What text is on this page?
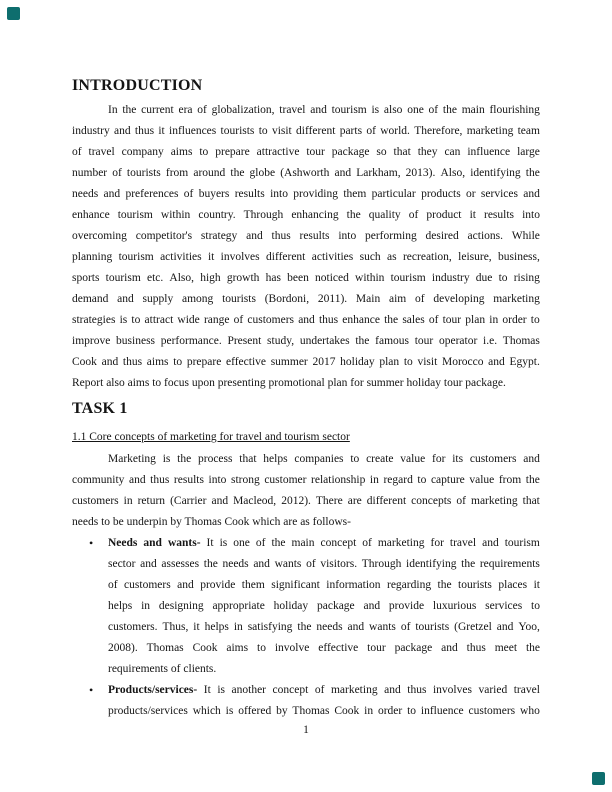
INTRODUCTION
In the current era of globalization, travel and tourism is also one of the main flourishing
industry and thus it influences tourists to visit different parts of world. Therefore, marketing team
of travel company aims to prepare attractive tour package so that they can influence large
number of tourists from around the globe (Ashworth and Larkham, 2013). Also, identifying the
needs and preferences of buyers results into providing them particular products or services and
enhance tourism within country. Through enhancing the quality of product it results into
overcoming competitor's strategy and thus results into performing desired actions. While
planning tourism activities it involves different activities such as recreation, leisure, business,
sports tourism etc. Also, high growth has been noticed within tourism industry due to rising
demand and supply among tourists (Bordoni, 2011). Main aim of developing marketing
strategies is to attract wide range of customers and thus enhance the sales of tour plan in order to
improve business performance. Present study, undertakes the famous tour operator i.e. Thomas
Cook and thus aims to prepare effective summer 2017 holiday plan to visit Morocco and Egypt.
Report also aims to focus upon presenting promotional plan for summer holiday tour package.
TASK 1
1.1 Core concepts of marketing for travel and tourism sector
Marketing is the process that helps companies to create value for its customers and
community and thus results into strong customer relationship in regard to capture value from the
customers in return (Carrier and Macleod, 2012). There are different concepts of marketing that
needs to be underpin by Thomas Cook which are as follows-
Needs and wants- It is one of the main concept of marketing for travel and tourism
•
sector and assesses the needs and wants of visitors. Through identifying the requirements
of customers and provide them significant information regarding the tourists places it
helps in designing appropriate holiday package and provide luxurious services to
customers. Thus, it helps in satisfying the needs and wants of tourists (Gretzel and Yoo,
2008). Thomas Cook aims to involve effective tour package and thus meet the
requirements of clients.
Products/services- It is another concept of marketing and thus involves varied travel
•
products/services which is offered by Thomas Cook in order to influence customers who
1
